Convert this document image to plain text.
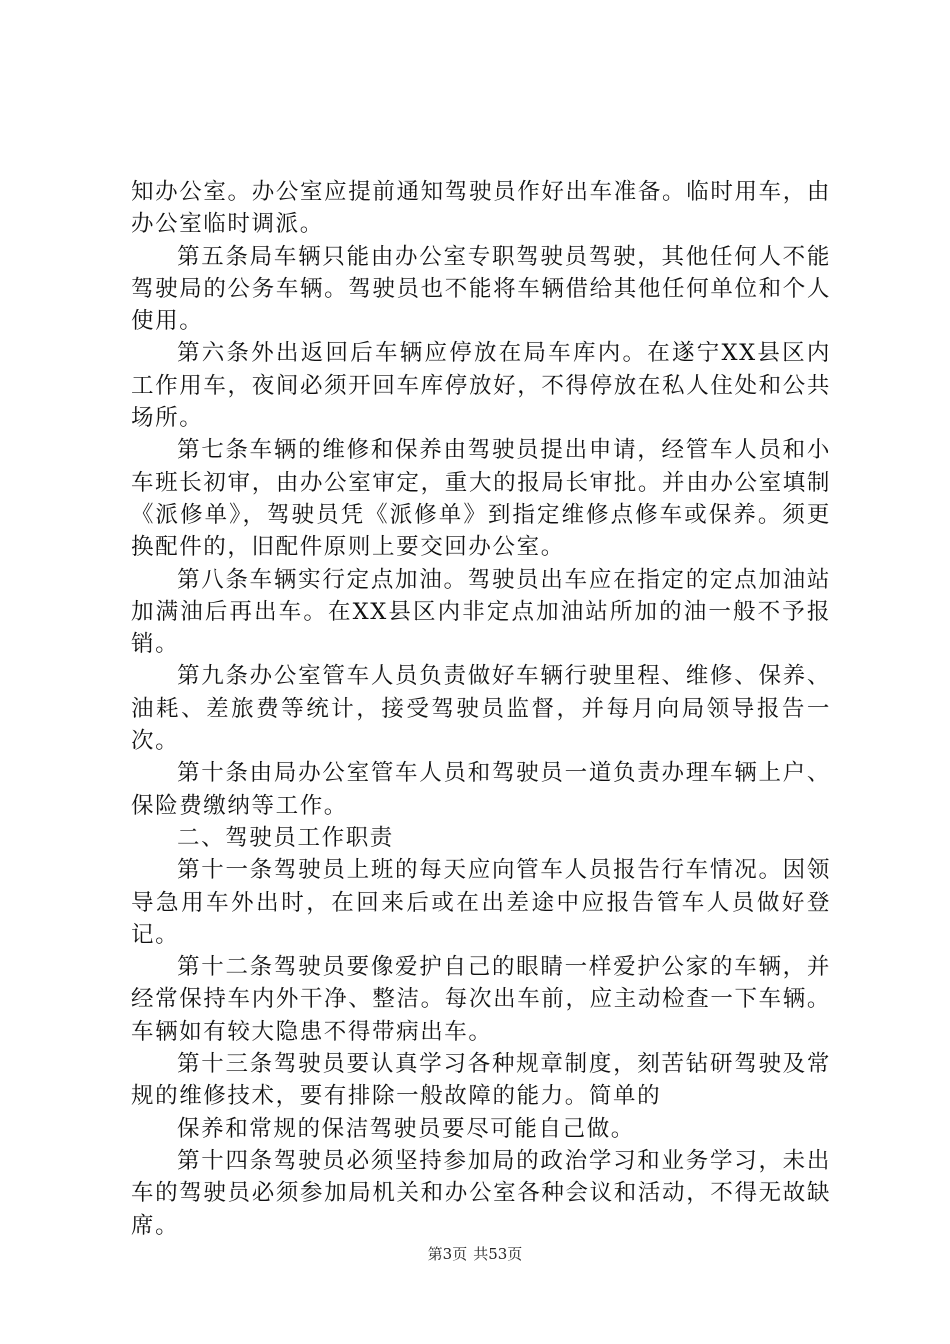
知办公室。办公室应提前通知驾驶员作好出车准备。临时用车，由办公室临时调派。

第五条局车辆只能由办公室专职驾驶员驾驶，其他任何人不能驾驶局的公务车辆。驾驶员也不能将车辆借给其他任何单位和个人使用。

第六条外出返回后车辆应停放在局车库内。在遂宁XX县区内工作用车，夜间必须开回车库停放好，不得停放在私人住处和公共场所。

第七条车辆的维修和保养由驾驶员提出申请，经管车人员和小车班长初审，由办公室审定，重大的报局长审批。并由办公室填制《派修单》，驾驶员凭《派修单》到指定维修点修车或保养。须更换配件的，旧配件原则上要交回办公室。

第八条车辆实行定点加油。驾驶员出车应在指定的定点加油站加满油后再出车。在XX县区内非定点加油站所加的油一般不予报销。

第九条办公室管车人员负责做好车辆行驶里程、维修、保养、油耗、差旅费等统计，接受驾驶员监督，并每月向局领导报告一次。

第十条由局办公室管车人员和驾驶员一道负责办理车辆上户、保险费缴纳等工作。

二、驾驶员工作职责

第十一条驾驶员上班的每天应向管车人员报告行车情况。因领导急用车外出时，在回来后或在出差途中应报告管车人员做好登记。

第十二条驾驶员要像爱护自己的眼睛一样爱护公家的车辆，并经常保持车内外干净、整洁。每次出车前，应主动检查一下车辆。车辆如有较大隐患不得带病出车。

第十三条驾驶员要认真学习各种规章制度，刻苦钻研驾驶及常规的维修技术，要有排除一般故障的能力。简单的

保养和常规的保洁驾驶员要尽可能自己做。

第十四条驾驶员必须坚持参加局的政治学习和业务学习，未出车的驾驶员必须参加局机关和办公室各种会议和活动，不得无故缺席。

第3页 共53页
